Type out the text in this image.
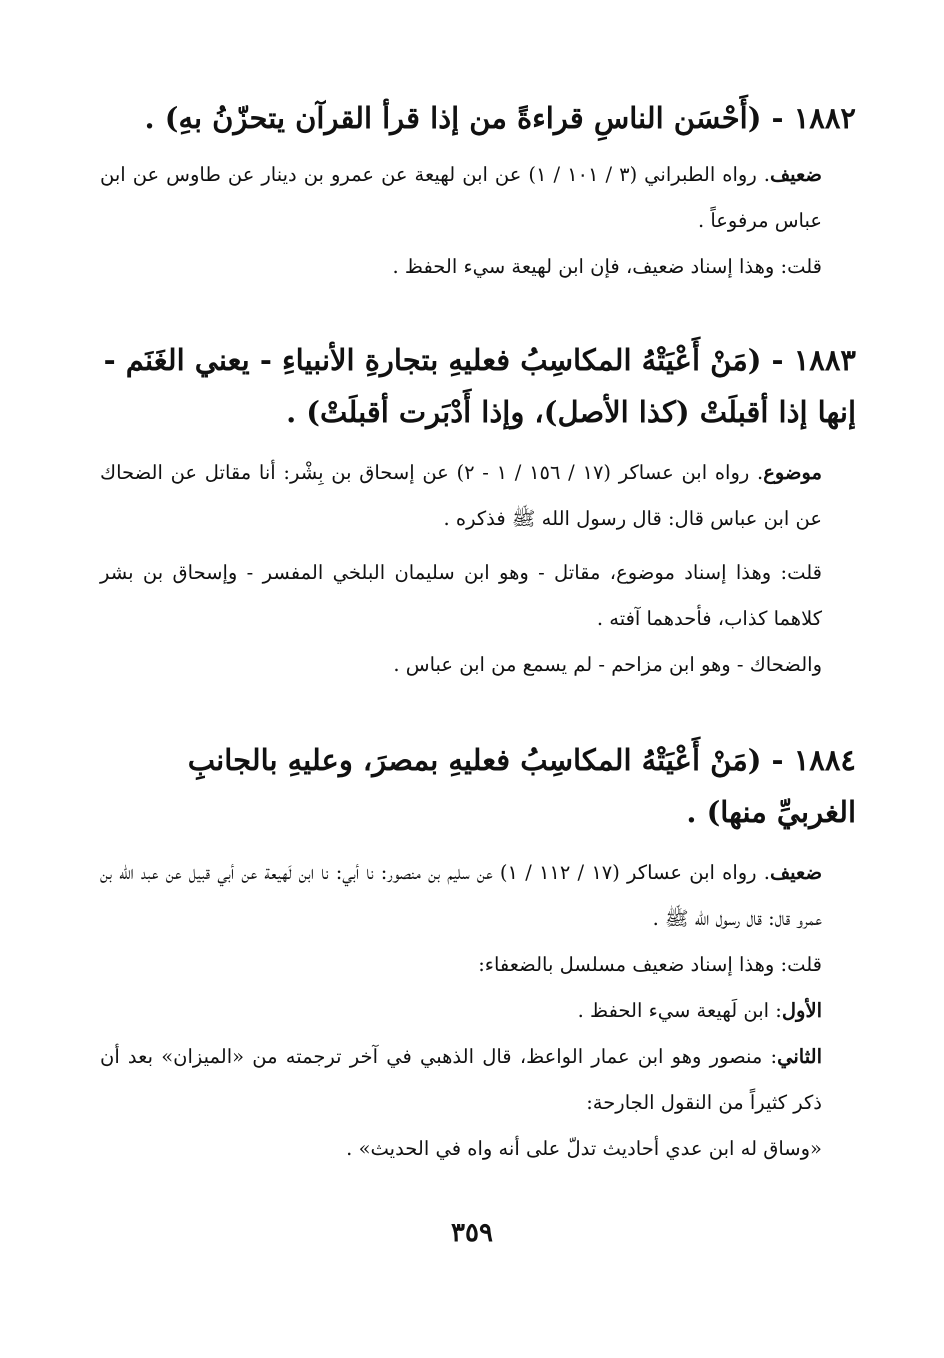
١٨٨٢ - (أَحْسَن الناسِ قراءةً من إذا قرأ القرآن يتحزّنُ بهِ) .

ضعيف. رواه الطبراني (٣ / ١٠١ / ١) عن ابن لهيعة عن عمرو بن دينار عن طاوس عن ابن عباس مرفوعاً .

قلت: وهذا إسناد ضعيف، فإن ابن لهيعة سيء الحفظ .

١٨٨٣ - (مَنْ أَعْيَتْهُ المكاسِبُ فعليهِ بتجارةِ الأنبياءِ - يعني الغَنَم - إنها إذا أقبلَتْ (كذا الأصل)، وإذا أَدْبَرت أقبلَتْ) .

موضوع. رواه ابن عساكر (١٧ / ١٥٦ / ١ - ٢) عن إسحاق بن بِشْر: أنا مقاتل عن الضحاك عن ابن عباس قال: قال رسول الله ﷺ فذكره .

قلت: وهذا إسناد موضوع، مقاتل - وهو ابن سليمان البلخي المفسر - وإسحاق بن بشر كلاهما كذاب، فأحدهما آفته .

والضحاك - وهو ابن مزاحم - لم يسمع من ابن عباس .

١٨٨٤ - (مَنْ أَعْيَتْهُ المكاسِبُ فعليهِ بمصرَ، وعليهِ بالجانبِ الغربيِّ منها) .

ضعيف. رواه ابن عساكر (١٧ / ١١٢ / ١) عن سليم بن منصور: نا أبي: نا ابن لَهيعة عن أبي قبيل عن عبد الله بن عمرو قال: قال رسول الله ﷺ .

قلت: وهذا إسناد ضعيف مسلسل بالضعفاء:

الأول: ابن لَهيعة سيء الحفظ .

الثاني: منصور وهو ابن عمار الواعظ، قال الذهبي في آخر ترجمته من «الميزان» بعد أن ذكر كثيراً من النقول الجارحة:

«وساق له ابن عدي أحاديث تدلّ على أنه واه في الحديث» .

٣٥٩
